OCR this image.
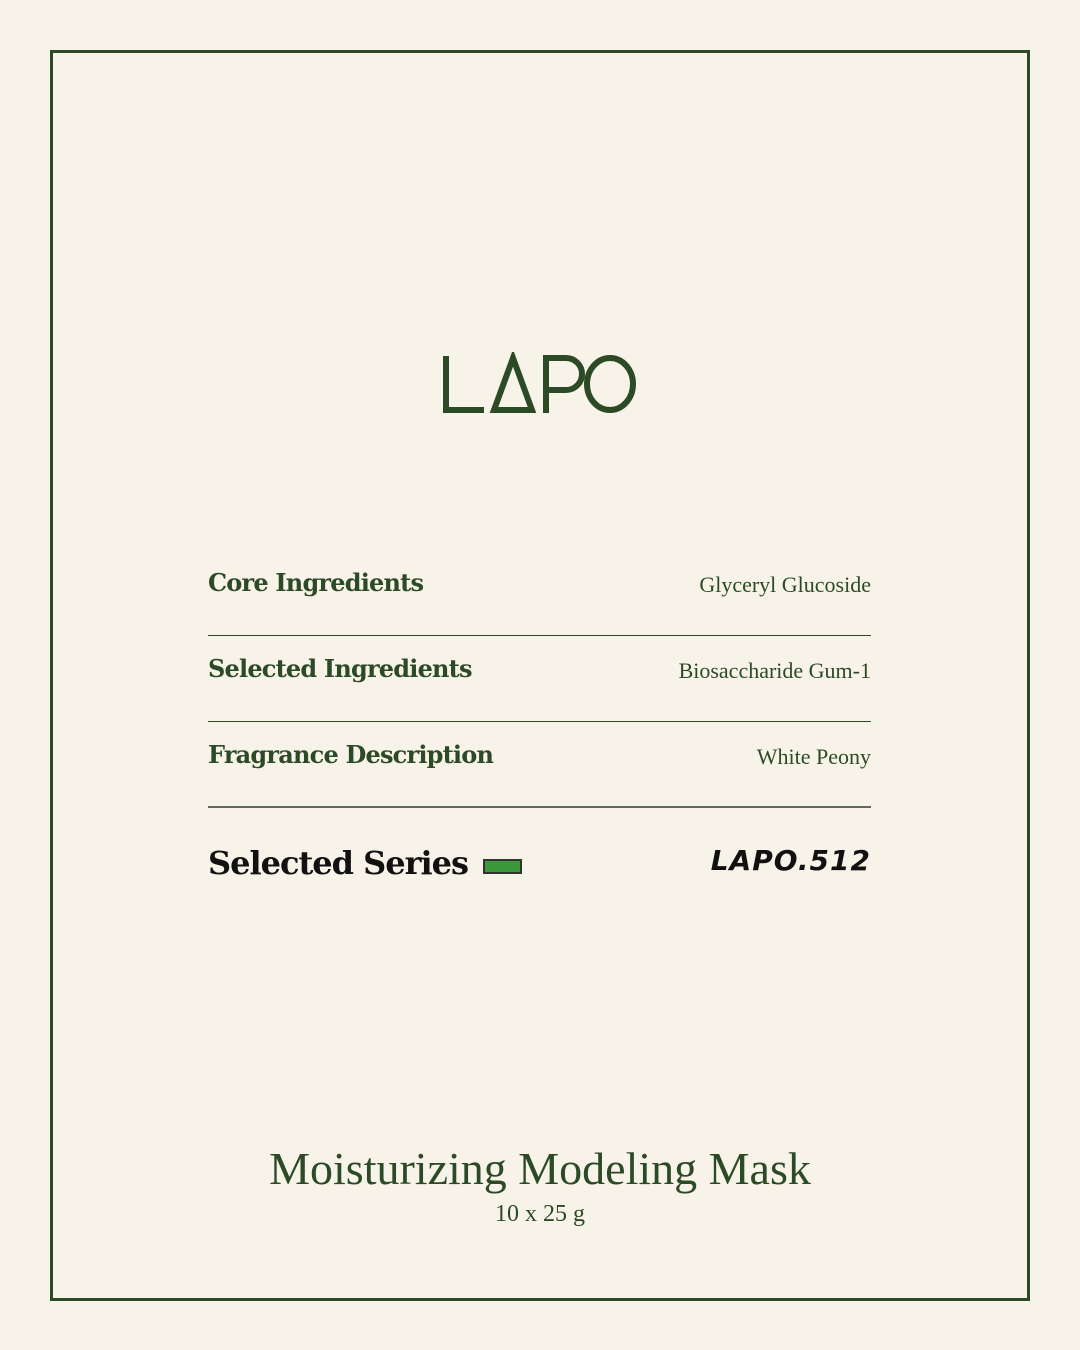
Core Ingredients	Glyceryl Glucoside
Selected Ingredients	Biosaccharide Gum-1
Fragrance Description	White Peony
Selected Series	LAPO.512
Moisturizing Modeling Mask
10 x 25 g
